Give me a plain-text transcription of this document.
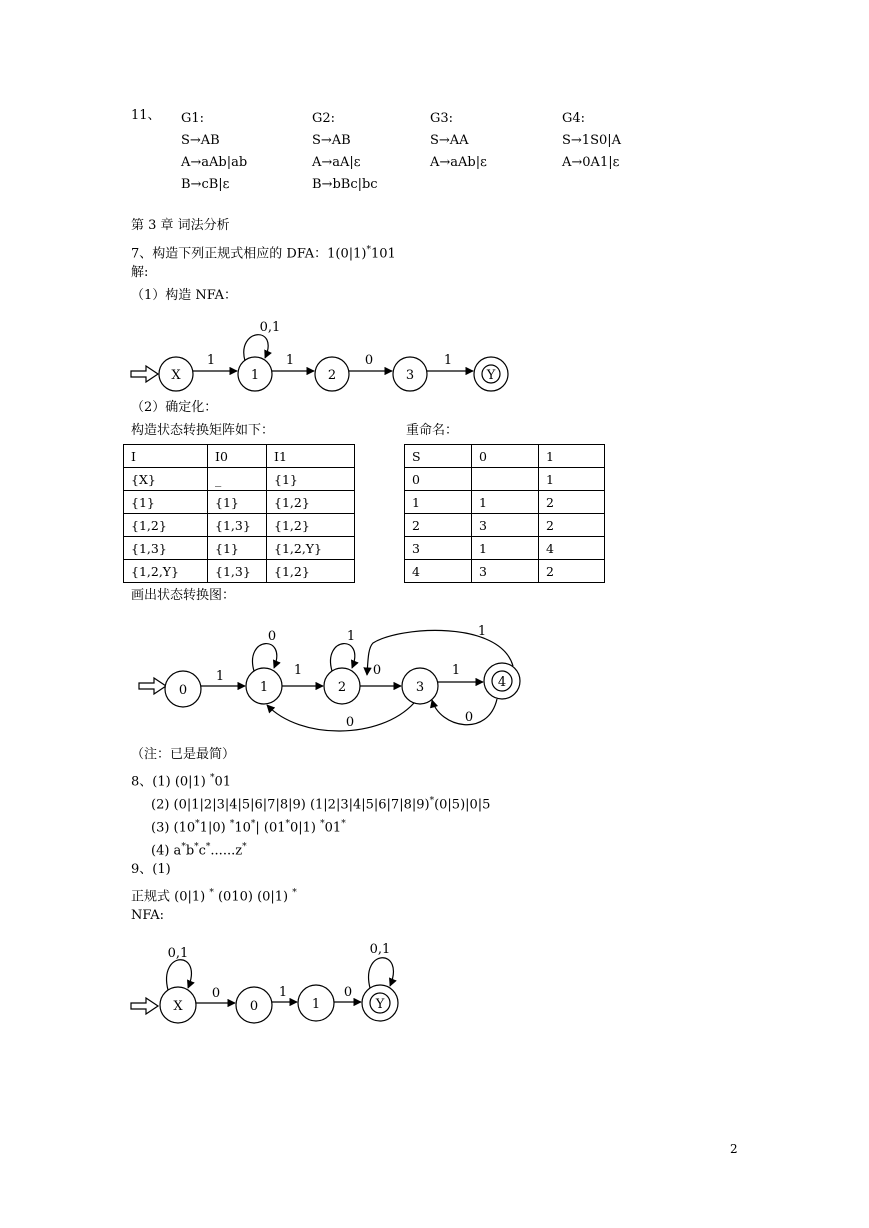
X	1	2	3	Y
1	1	0	1
0,1
0	1	2	3	4
1	1	0	1
0	1
0	0
1
X	0	1	Y
0	1	0
0,1	0,1
11、 G1:
S→AB
A→aAb|ab
B→cB|ε
G2:
S→AB
A→aA|ε
B→bBc|bc
G3:
S→AA
A→aAb|ε
G4:
S→1S0|A
A→0A1|ε
第 3 章 词法分析
7、构造下列正规式相应的 DFA：1(0|1)*101
解:
（1）构造 NFA：
（2）确定化：
构造状态转换矩阵如下：	重命名：
I	I0	I1
{X}	_	{1}
{1}	{1}	{1,2}
{1,2}	{1,3}	{1,2}
{1,3}	{1}	{1,2,Y}
{1,2,Y}	{1,3}	{1,2}
S	0	1
0		1
1	1	2
2	3	2
3	1	4
4	3	2
画出状态转换图：
（注：已是最简）
8、(1) (0|1) *01
(2) (0|1|2|3|4|5|6|7|8|9) (1|2|3|4|5|6|7|8|9)*(0|5)|0|5
(3) (10*1|0) *10*| (01*0|1) *01*
(4) a*b*c*......z*
9、(1)
正规式 (0|1) * (010) (0|1) *
NFA:
2
